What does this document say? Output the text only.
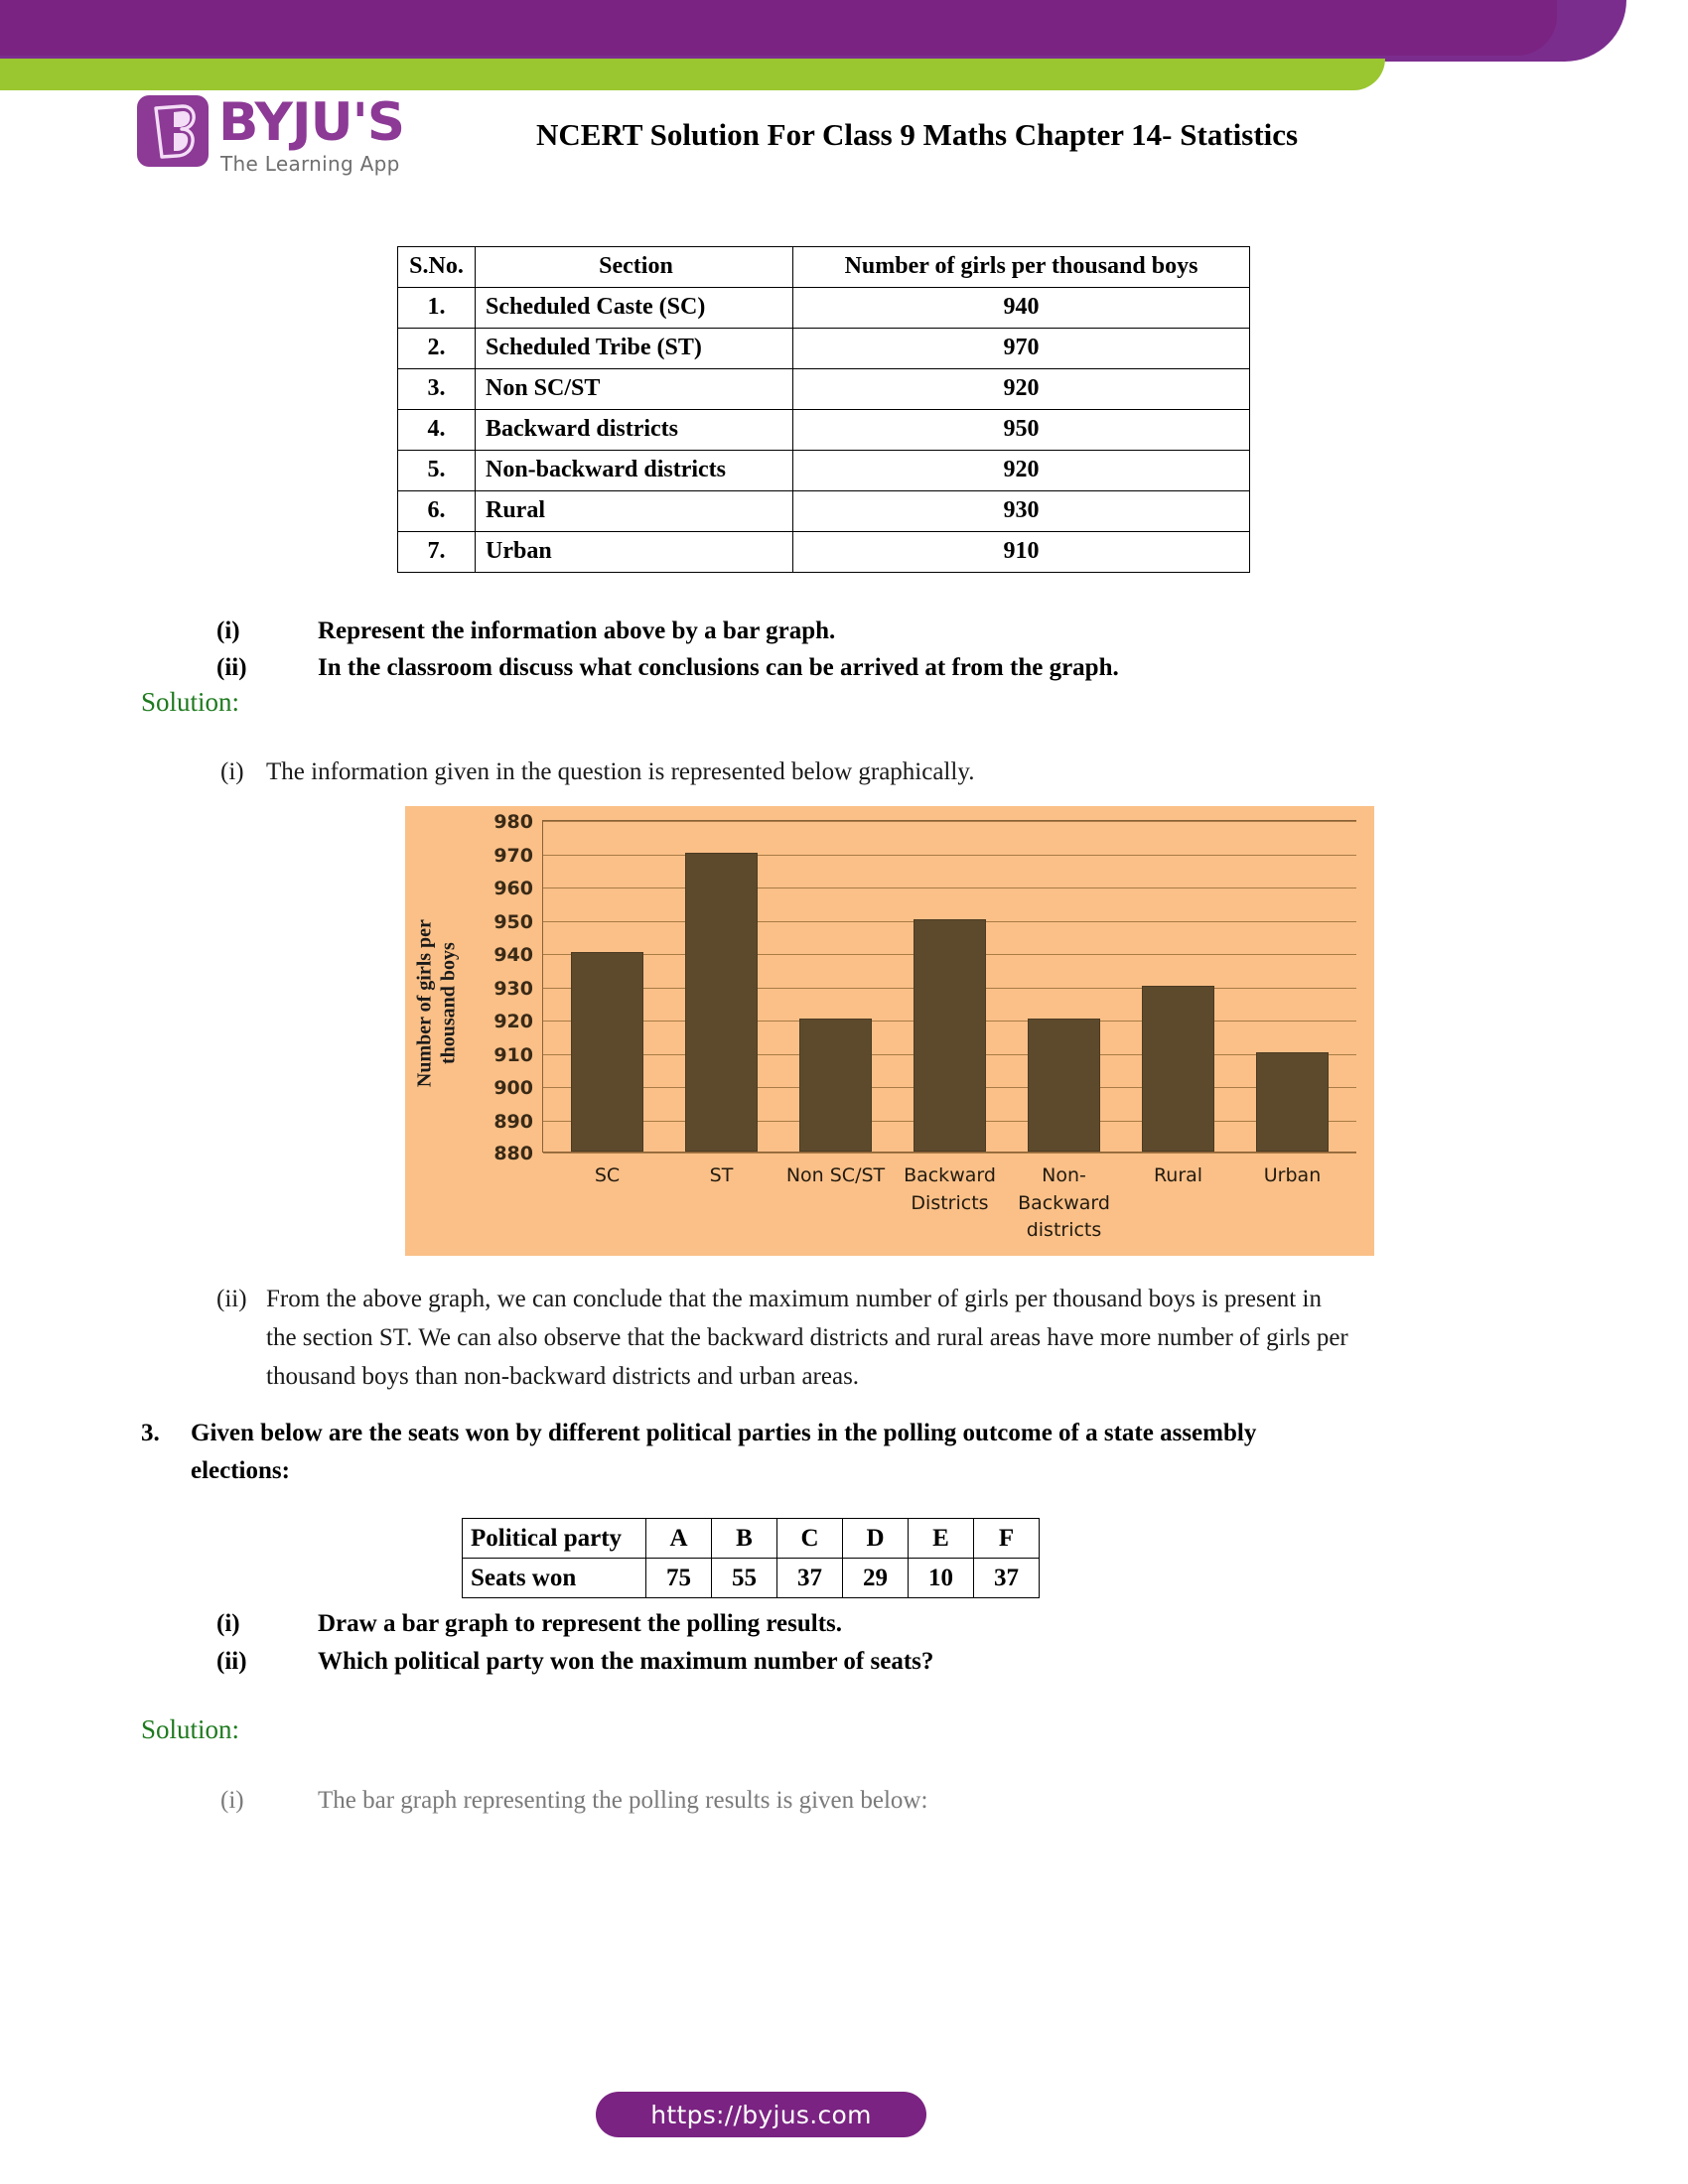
BYJU'S
The Learning App
NCERT Solution For Class 9 Maths Chapter 14- Statistics
S.No.	Section	Number of girls per thousand boys
1.	Scheduled Caste (SC)	940
2.	Scheduled Tribe (ST)	970
3.	Non SC/ST	920
4.	Backward districts	950
5.	Non-backward districts	920
6.	Rural	930
7.	Urban	910
(i)	Represent the information above by a bar graph.
(ii)	In the classroom discuss what conclusions can be arrived at from the graph.
Solution:
(i) The information given in the question is represented below graphically.
Number of girls per thousand boys
980
970
960
950
940
930
920
910
900
890
880
SC	ST	Non SC/ST Backward Districts
Non-Backward districts
Rural	Urban
(ii) From the above graph, we can conclude that the maximum number of girls per thousand boys is present in
the section ST. We can also observe that the backward districts and rural areas have more number of girls per
thousand boys than non-backward districts and urban areas.
3. Given below are the seats won by different political parties in the polling outcome of a state assembly
elections:
Political party	A	B	C	D	E	F
Seats won	75	55	37	29	10	37
(i)	Draw a bar graph to represent the polling results.
(ii)	Which political party won the maximum number of seats?
Solution:
(i)	The bar graph representing the polling results is given below:
https://byjus.com
